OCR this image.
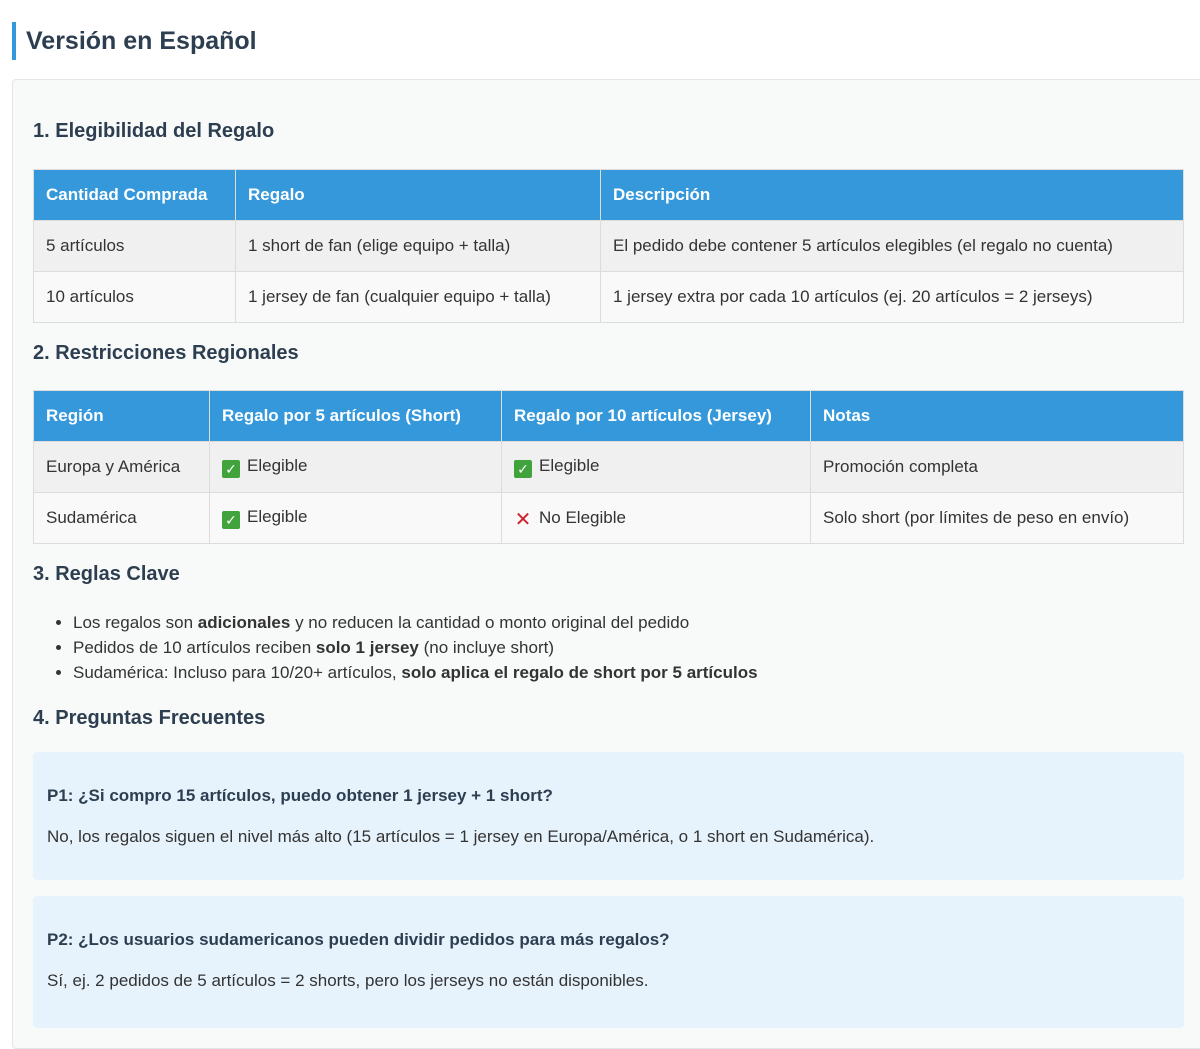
Versión en Español
1. Elegibilidad del Regalo
Cantidad Comprada	Regalo	Descripción
5 artículos	1 short de fan (elige equipo + talla)	El pedido debe contener 5 artículos elegibles (el regalo no cuenta)
10 artículos	1 jersey de fan (cualquier equipo + talla)	1 jersey extra por cada 10 artículos (ej. 20 artículos = 2 jerseys)
2. Restricciones Regionales
Región	Regalo por 5 artículos (Short)	Regalo por 10 artículos (Jersey)	Notas
Europa y América	✓ Elegible	✓ Elegible	Promoción completa
Sudamérica	✓ Elegible	✕ No Elegible	Solo short (por límites de peso en envío)
3. Reglas Clave
• Los regalos son adicionales y no reducen la cantidad o monto original del pedido
• Pedidos de 10 artículos reciben solo 1 jersey (no incluye short)
• Sudamérica: Incluso para 10/20+ artículos, solo aplica el regalo de short por 5 artículos
4. Preguntas Frecuentes
P1: ¿Si compro 15 artículos, puedo obtener 1 jersey + 1 short?
No, los regalos siguen el nivel más alto (15 artículos = 1 jersey en Europa/América, o 1 short en Sudamérica).
P2: ¿Los usuarios sudamericanos pueden dividir pedidos para más regalos?
Sí, ej. 2 pedidos de 5 artículos = 2 shorts, pero los jerseys no están disponibles.
